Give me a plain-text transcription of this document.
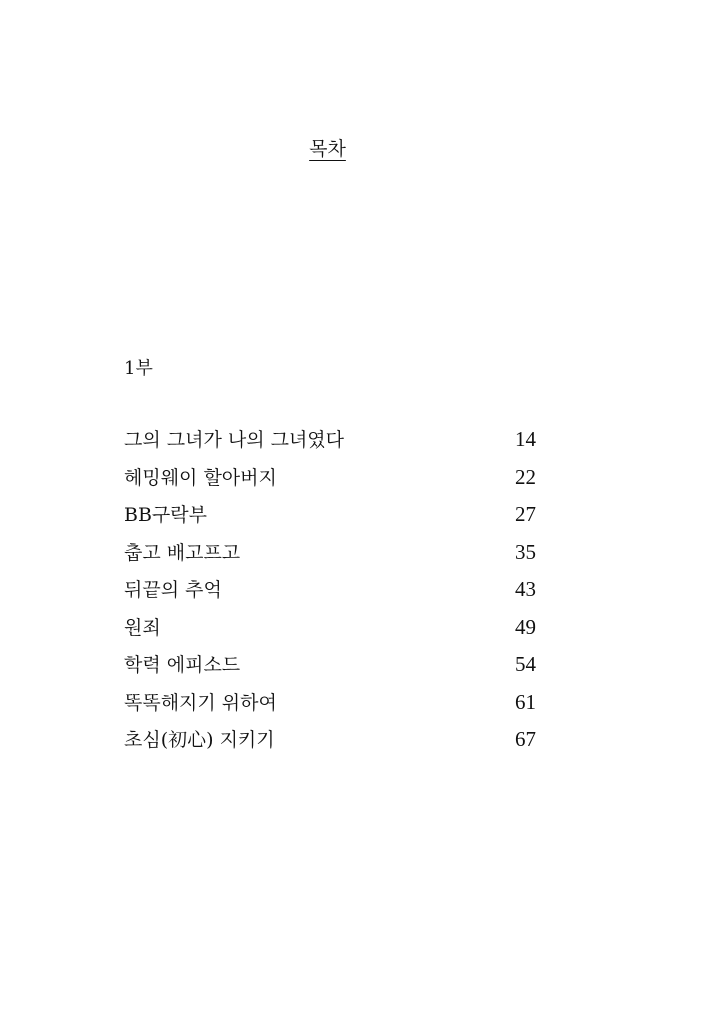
목차
1부
그의 그녀가 나의 그녀였다	14
헤밍웨이 할아버지	22
BB구락부	27
춥고 배고프고	35
뒤끝의 추억	43
원죄	49
학력 에피소드	54
똑똑해지기 위하여	61
초심(初心) 지키기	67
